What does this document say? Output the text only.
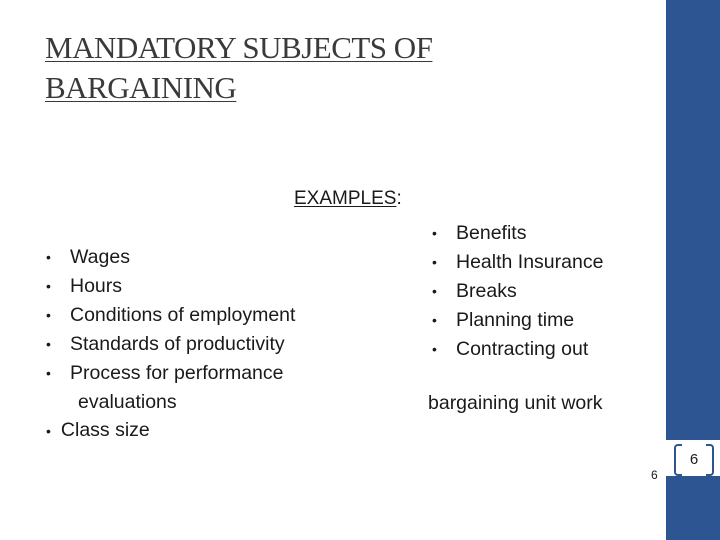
6
MANDATORY SUBJECTS OF BARGAINING
EXAMPLES:
• Wages
• Hours
• Conditions of employment
• Standards of productivity
• Process for performance
evaluations
• Class size
• Benefits
• Health Insurance
• Breaks
• Planning time
• Contracting out
bargaining unit work
6
